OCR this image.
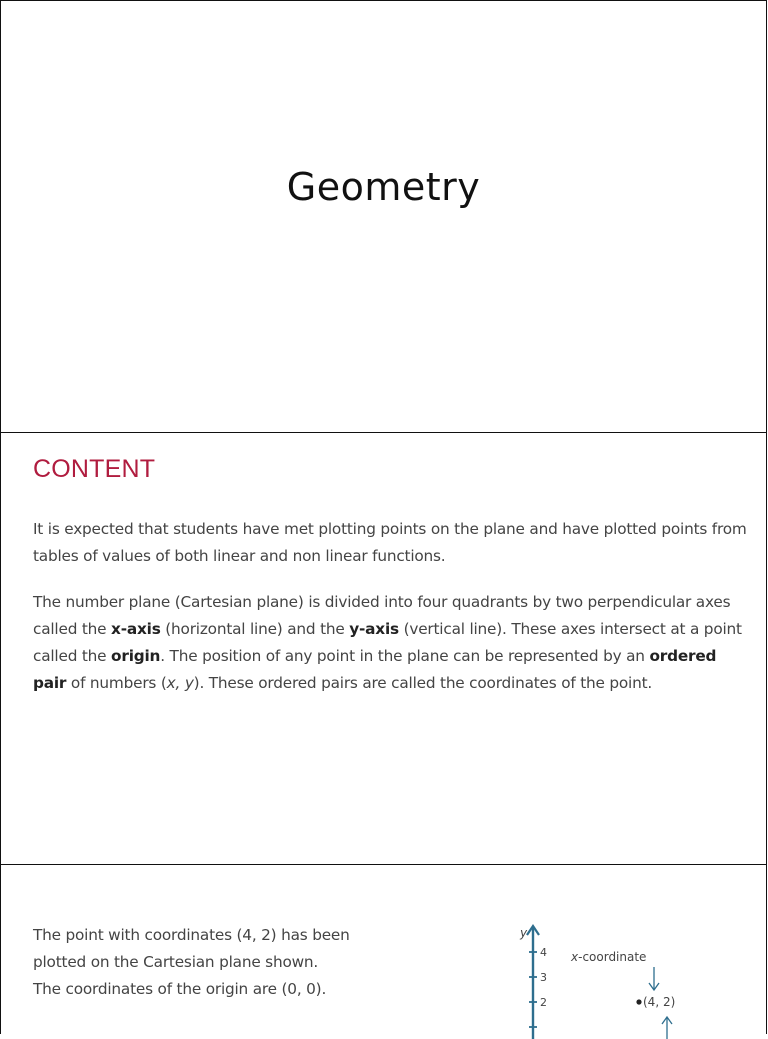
Geometry
CONTENT

It is expected that students have met plotting points on the plane and have plotted points from tables of values of both linear and non linear functions.

The number plane (Cartesian plane) is divided into four quadrants by two perpendicular axes called the x-axis (horizontal line) and the y-axis (vertical line). These axes intersect at a point called the origin. The position of any point in the plane can be represented by an ordered pair of numbers (x, y). These ordered pairs are called the coordinates of the point.

The point with coordinates (4, 2) has been
plotted on the Cartesian plane shown.
The coordinates of the origin are (0, 0).
y
4
3
2
x-coordinate
(4, 2)
